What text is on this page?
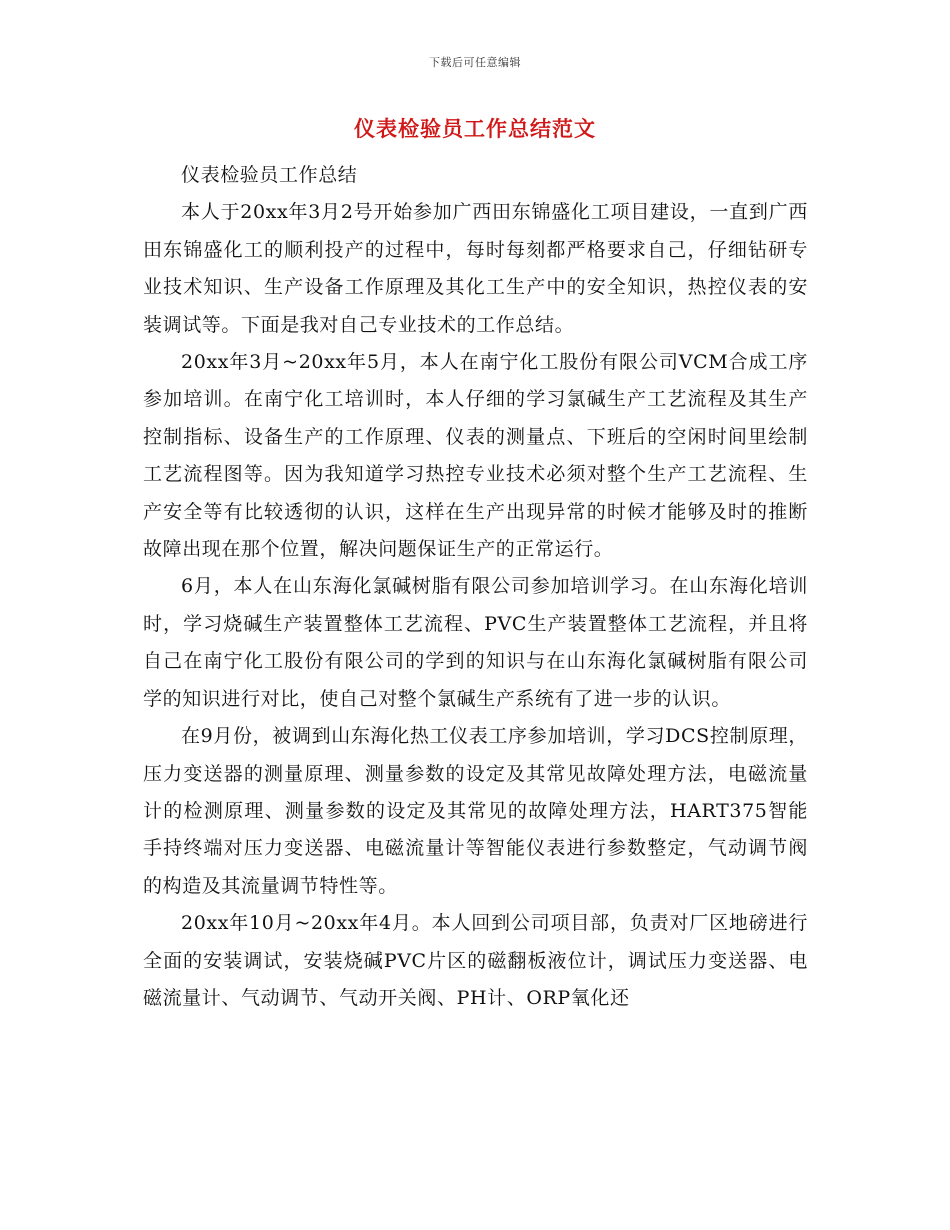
下载后可任意编辑
仪表检验员工作总结范文

仪表检验员工作总结

本人于20xx年3月2号开始参加广西田东锦盛化工项目建设，一直到广西田东锦盛化工的顺利投产的过程中，每时每刻都严格要求自己，仔细钻研专业技术知识、生产设备工作原理及其化工生产中的安全知识，热控仪表的安装调试等。下面是我对自己专业技术的工作总结。

20xx年3月~20xx年5月，本人在南宁化工股份有限公司VCM合成工序参加培训。在南宁化工培训时，本人仔细的学习氯碱生产工艺流程及其生产控制指标、设备生产的工作原理、仪表的测量点、下班后的空闲时间里绘制工艺流程图等。因为我知道学习热控专业技术必须对整个生产工艺流程、生产安全等有比较透彻的认识，这样在生产出现异常的时候才能够及时的推断故障出现在那个位置，解决问题保证生产的正常运行。

6月，本人在山东海化氯碱树脂有限公司参加培训学习。在山东海化培训时，学习烧碱生产装置整体工艺流程、PVC生产装置整体工艺流程，并且将自己在南宁化工股份有限公司的学到的知识与在山东海化氯碱树脂有限公司学的知识进行对比，使自己对整个氯碱生产系统有了进一步的认识。

在9月份，被调到山东海化热工仪表工序参加培训，学习DCS控制原理，压力变送器的测量原理、测量参数的设定及其常见故障处理方法，电磁流量计的检测原理、测量参数的设定及其常见的故障处理方法，HART375智能手持终端对压力变送器、电磁流量计等智能仪表进行参数整定，气动调节阀的构造及其流量调节特性等。

20xx年10月~20xx年4月。本人回到公司项目部，负责对厂区地磅进行全面的安装调试，安装烧碱PVC片区的磁翻板液位计，调试压力变送器、电磁流量计、气动调节、气动开关阀、PH计、ORP氧化还
